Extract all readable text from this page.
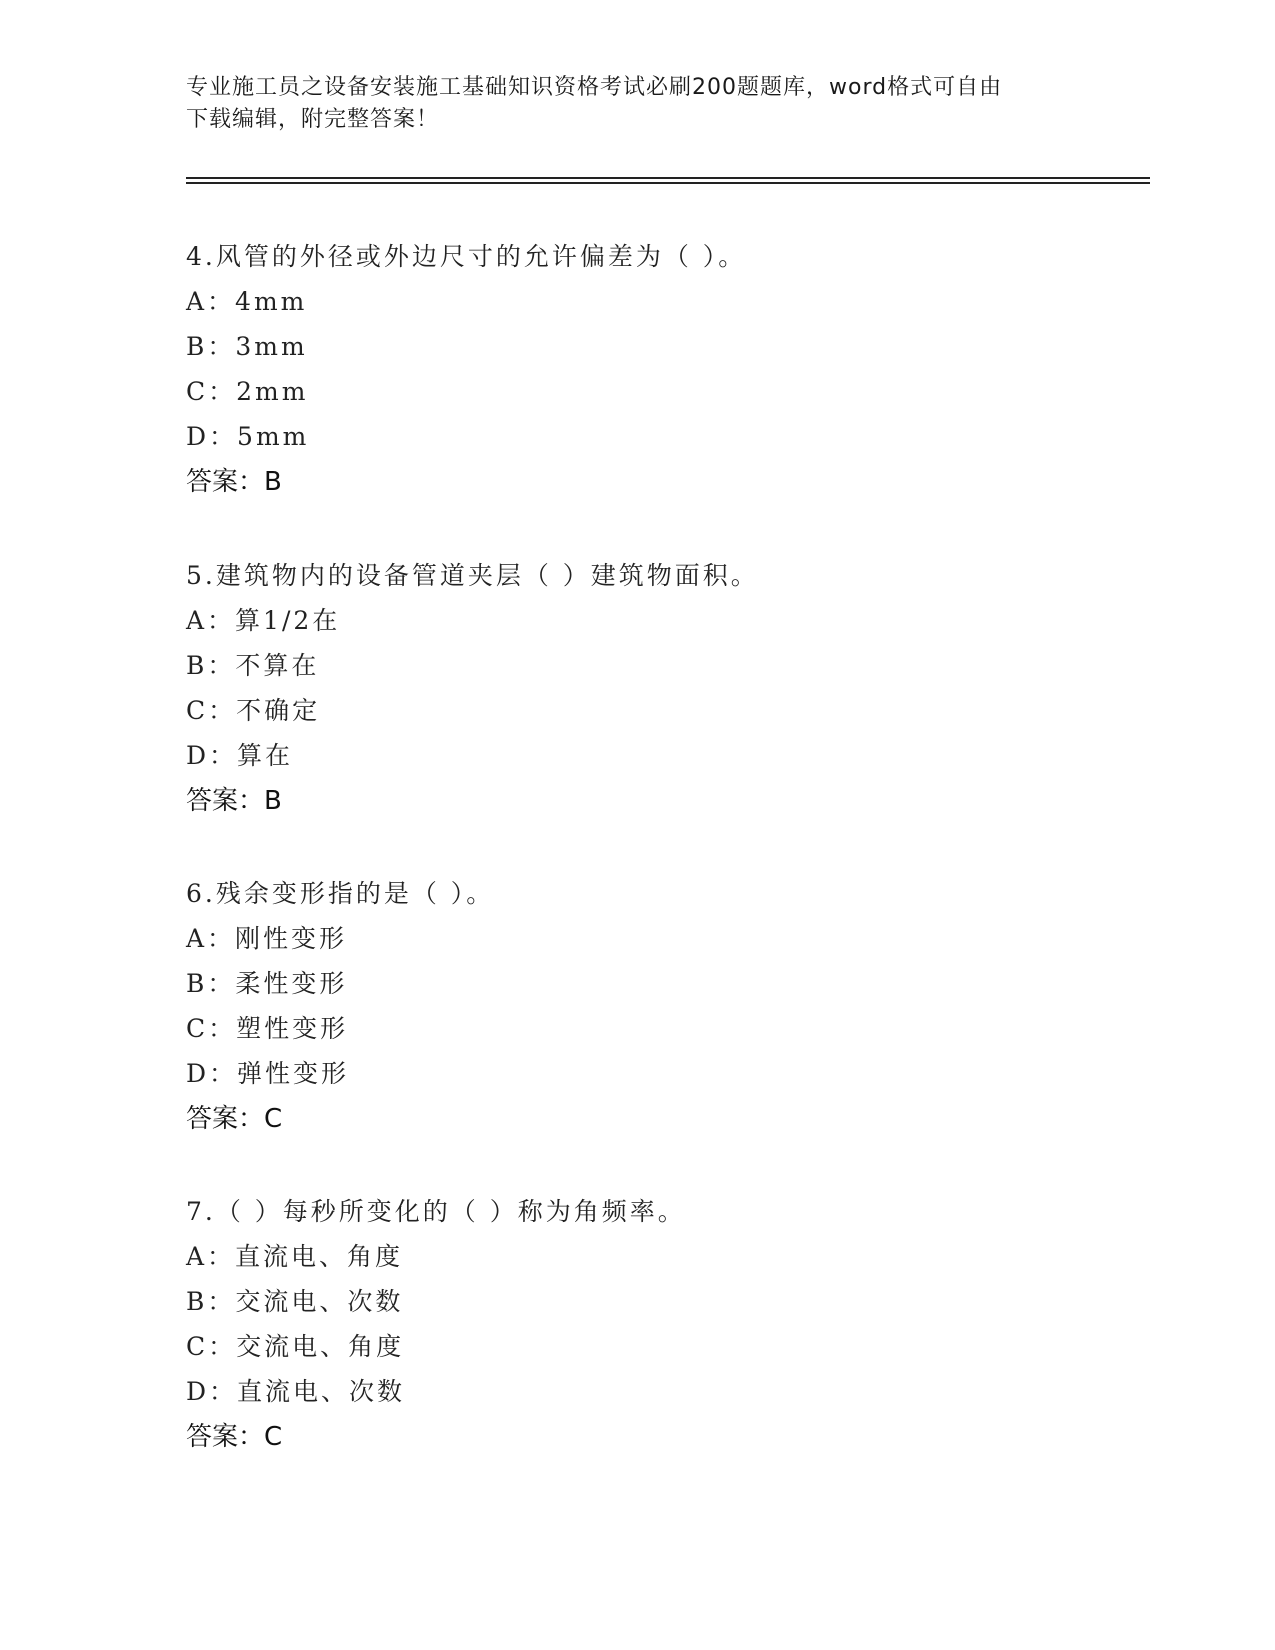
专业施工员之设备安装施工基础知识资格考试必刷200题题库，word格式可自由
下载编辑，附完整答案！
4.风管的外径或外边尺寸的允许偏差为（ ）。
A：4mm
B：3mm
C：2mm
D：5mm
答案：B
5.建筑物内的设备管道夹层（ ）建筑物面积。
A：算1/2在
B：不算在
C：不确定
D：算在
答案：B
6.残余变形指的是（ ）。
A：刚性变形
B：柔性变形
C：塑性变形
D：弹性变形
答案：C
7.（ ）每秒所变化的（ ）称为角频率。
A：直流电、角度
B：交流电、次数
C：交流电、角度
D：直流电、次数
答案：C
